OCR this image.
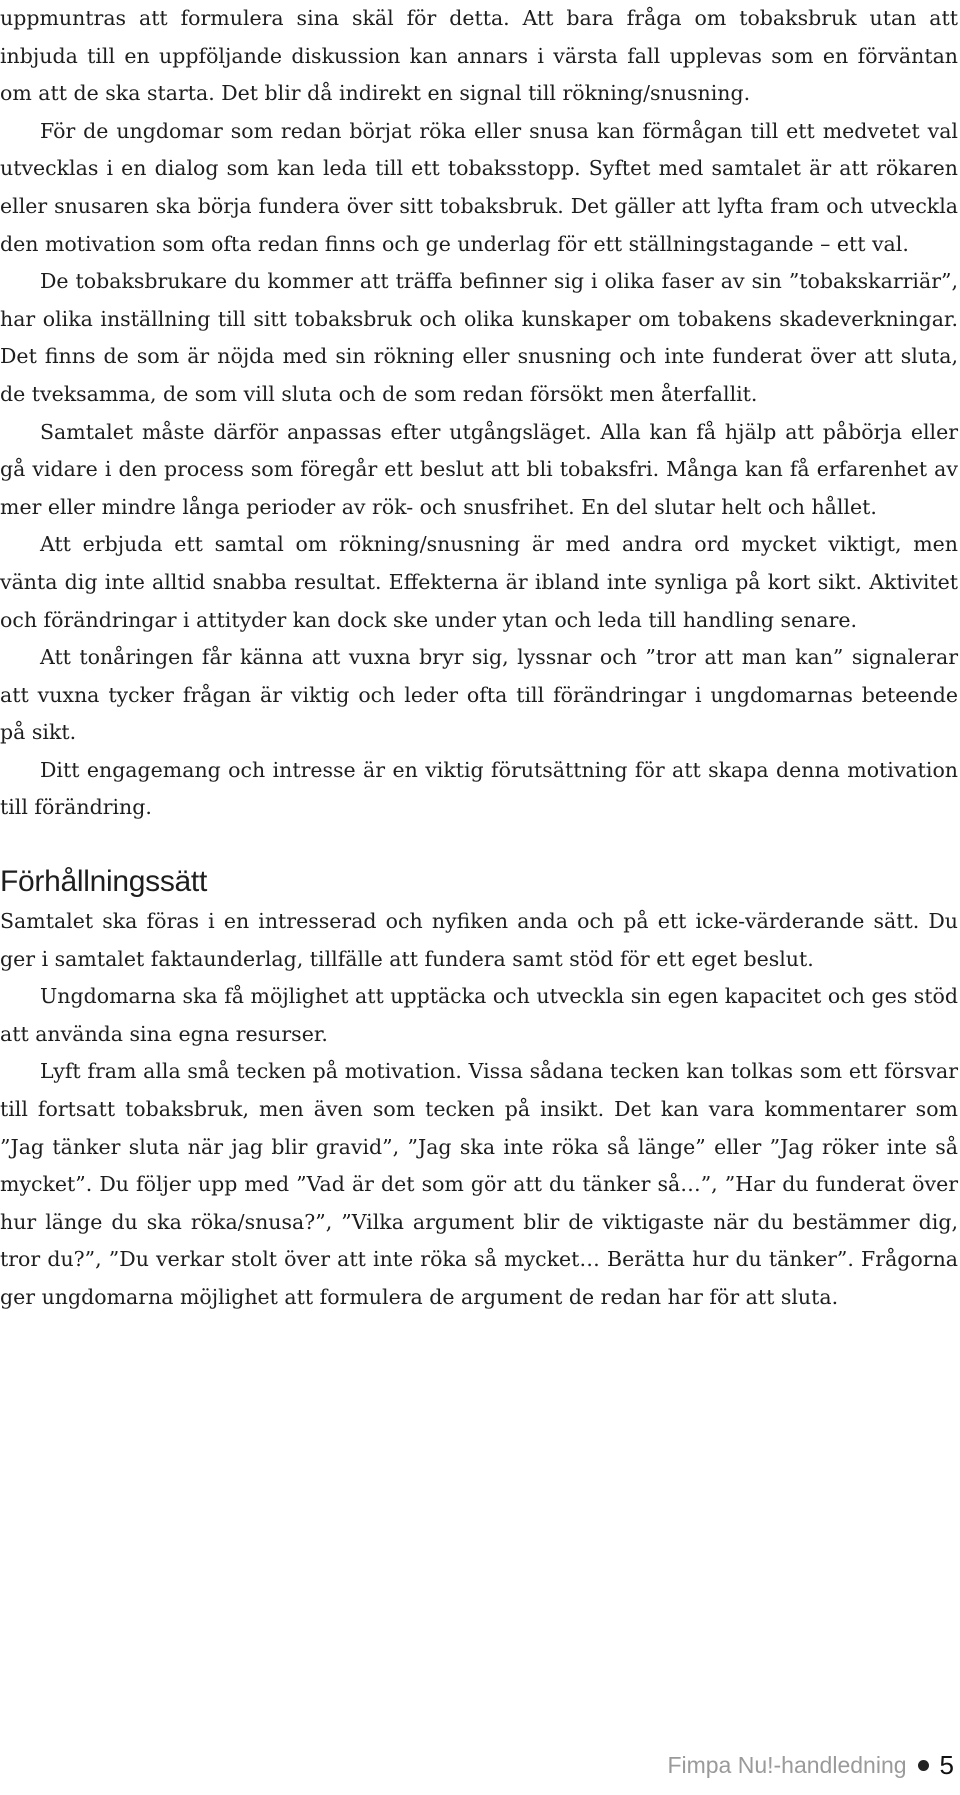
uppmuntras att formulera sina skäl för detta. Att bara fråga om tobaksbruk utan att inbjuda till en uppföljande diskussion kan annars i värsta fall upplevas som en förväntan om att de ska starta. Det blir då indirekt en signal till rökning/snusning.

För de ungdomar som redan börjat röka eller snusa kan förmågan till ett medvetet val utvecklas i en dialog som kan leda till ett tobaksstopp. Syftet med samtalet är att rökaren eller snusaren ska börja fundera över sitt tobaksbruk. Det gäller att lyfta fram och utveckla den motivation som ofta redan finns och ge underlag för ett ställningstagande – ett val.

De tobaksbrukare du kommer att träffa befinner sig i olika faser av sin ”tobakskarriär”, har olika inställning till sitt tobaksbruk och olika kunskaper om tobakens skadeverkningar. Det finns de som är nöjda med sin rökning eller snusning och inte funderat över att sluta, de tveksamma, de som vill sluta och de som redan försökt men återfallit.

Samtalet måste därför anpassas efter utgångsläget. Alla kan få hjälp att påbörja eller gå vidare i den process som föregår ett beslut att bli tobaksfri. Många kan få erfarenhet av mer eller mindre långa perioder av rök- och snusfrihet. En del slutar helt och hållet.

Att erbjuda ett samtal om rökning/snusning är med andra ord mycket viktigt, men vänta dig inte alltid snabba resultat. Effekterna är ibland inte synliga på kort sikt. Aktivitet och förändringar i attityder kan dock ske under ytan och leda till handling senare.

Att tonåringen får känna att vuxna bryr sig, lyssnar och ”tror att man kan” signalerar att vuxna tycker frågan är viktig och leder ofta till förändringar i ungdomarnas beteende på sikt.

Ditt engagemang och intresse är en viktig förutsättning för att skapa denna motivation till förändring.

Förhållningssätt

Samtalet ska föras i en intresserad och nyfiken anda och på ett icke-värderande sätt. Du ger i samtalet faktaunderlag, tillfälle att fundera samt stöd för ett eget beslut.

Ungdomarna ska få möjlighet att upptäcka och utveckla sin egen kapacitet och ges stöd att använda sina egna resurser.

Lyft fram alla små tecken på motivation. Vissa sådana tecken kan tolkas som ett försvar till fortsatt tobaksbruk, men även som tecken på insikt. Det kan vara kommentarer som ”Jag tänker sluta när jag blir gravid”, ”Jag ska inte röka så länge” eller ”Jag röker inte så mycket”. Du följer upp med ”Vad är det som gör att du tänker så…”, ”Har du funderat över hur länge du ska röka/snusa?”, ”Vilka argument blir de viktigaste när du bestämmer dig, tror du?”, ”Du verkar stolt över att inte röka så mycket… Berätta hur du tänker”. Frågorna ger ungdomarna möjlighet att formulera de argument de redan har för att sluta.

Fimpa Nu!-handledning 5
